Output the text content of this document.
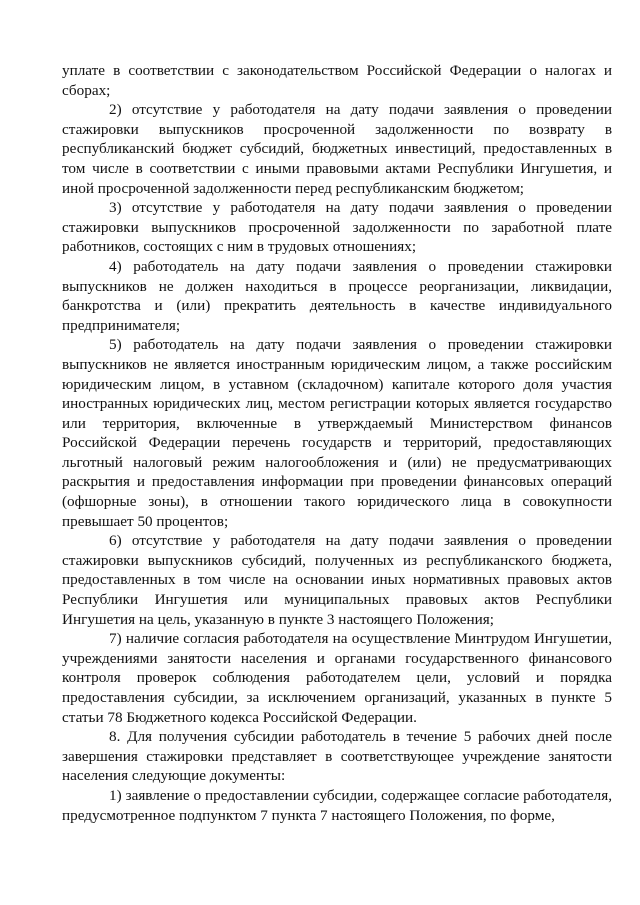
уплате в соответствии с законодательством Российской Федерации о налогах и сборах;

2) отсутствие у работодателя на дату подачи заявления о проведении стажировки выпускников просроченной задолженности по возврату в республиканский бюджет субсидий, бюджетных инвестиций, предоставленных в том числе в соответствии с иными правовыми актами Республики Ингушетия, и иной просроченной задолженности перед республиканским бюджетом;

3) отсутствие у работодателя на дату подачи заявления о проведении стажировки выпускников просроченной задолженности по заработной плате работников, состоящих с ним в трудовых отношениях;

4) работодатель на дату подачи заявления о проведении стажировки выпускников не должен находиться в процессе реорганизации, ликвидации, банкротства и (или) прекратить деятельность в качестве индивидуального предпринимателя;

5) работодатель на дату подачи заявления о проведении стажировки выпускников не является иностранным юридическим лицом, а также российским юридическим лицом, в уставном (складочном) капитале которого доля участия иностранных юридических лиц, местом регистрации которых является государство или территория, включенные в утверждаемый Министерством финансов Российской Федерации перечень государств и территорий, предоставляющих льготный налоговый режим налогообложения и (или) не предусматривающих раскрытия и предоставления информации при проведении финансовых операций (офшорные зоны), в отношении такого юридического лица в совокупности превышает 50 процентов;

6) отсутствие у работодателя на дату подачи заявления о проведении стажировки выпускников субсидий, полученных из республиканского бюджета, предоставленных в том числе на основании иных нормативных правовых актов Республики Ингушетия или муниципальных правовых актов Республики Ингушетия на цель, указанную в пункте 3 настоящего Положения;

7) наличие согласия работодателя на осуществление Минтрудом Ингушетии, учреждениями занятости населения и органами государственного финансового контроля проверок соблюдения работодателем цели, условий и порядка предоставления субсидии, за исключением организаций, указанных в пункте 5 статьи 78 Бюджетного кодекса Российской Федерации.

8. Для получения субсидии работодатель в течение 5 рабочих дней после завершения стажировки представляет в соответствующее учреждение занятости населения следующие документы:

1) заявление о предоставлении субсидии, содержащее согласие работодателя, предусмотренное подпунктом 7 пункта 7 настоящего Положения, по форме,
